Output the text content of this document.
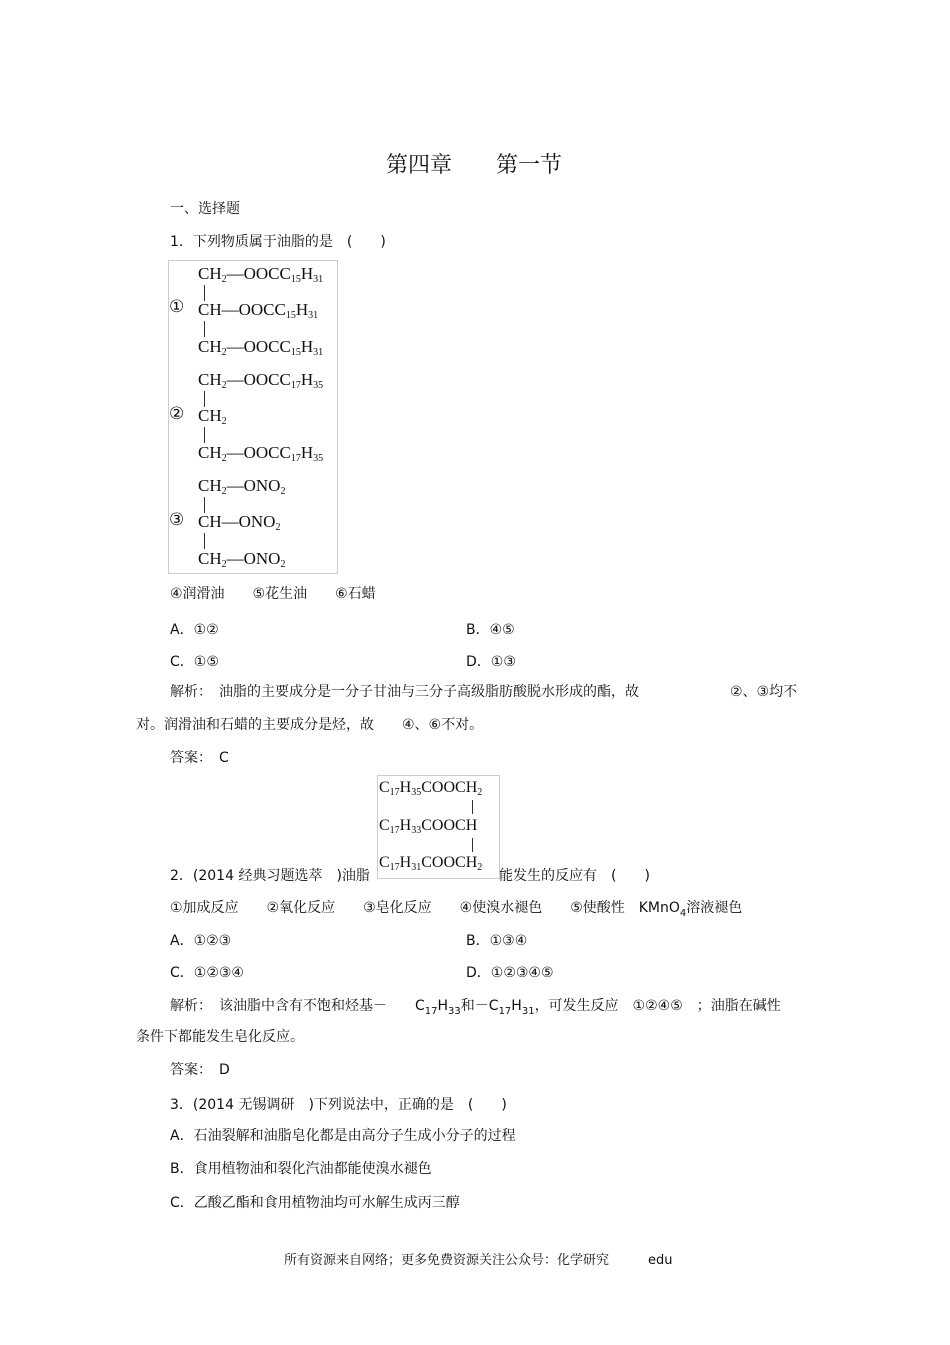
第四章　　第一节
一、选择题
1．下列物质属于油脂的是　(　　)
①
$CH_2—OOCC_{15}H_{31}$
$CH—OOCC_{15}H_{31}$
$CH_2—OOCC_{15}H_{31}$
②
$CH_2—OOCC_{17}H_{35}$
$CH_2$
$CH_2—OOCC_{17}H_{35}$
③
$CH_2—ONO_2$
$CH—ONO_2$
$CH_2—ONO_2$
④润滑油　　⑤花生油　　⑥石蜡
A．①②	B．④⑤
C．①⑤	D．①③
解析：　油脂的主要成分是一分子甘油与三分子高级脂肪酸脱水形成的酯，故	②、③均不
对。润滑油和石蜡的主要成分是烃，故　　④、⑥不对。
答案：　C
$C_{17}H_{35}COOCH_2$
$C_{17}H_{33}COOCH$
$C_{17}H_{31}COOCH_2$
2．(2014 经典习题选萃　)油脂	能发生的反应有　(　　)
①加成反应　　②氧化反应　　③皂化反应　　④使溴水褪色　　⑤使酸性　KMnO$_4$溶液褪色
A．①②③	B．①③④
C．①②③④	D．①②③④⑤
解析：　该油脂中含有不饱和烃基－　　$C_{17}H_{33}$和$-C_{17}H_{31}$，可发生反应　①②④⑤　；油脂在碱性
条件下都能发生皂化反应。
答案：　D
3．(2014 无锡调研　)下列说法中，正确的是　(　　)
A．石油裂解和油脂皂化都是由高分子生成小分子的过程
B．食用植物油和裂化汽油都能使溴水褪色
C．乙酸乙酯和食用植物油均可水解生成丙三醇
所有资源来自网络；更多免费资源关注公众号：化学研究　　　edu
